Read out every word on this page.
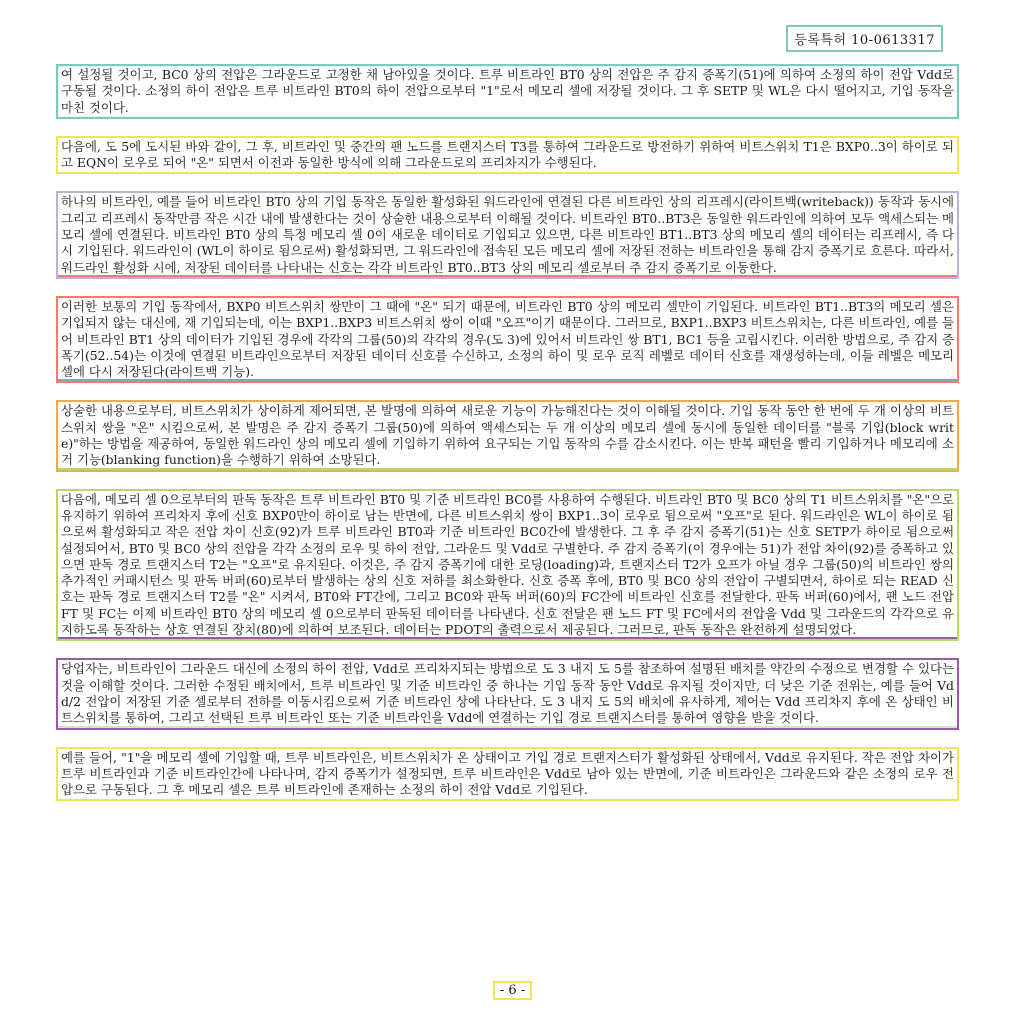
등록특허 10-0613317

여 설정될 것이고, BC0 상의 전압은 그라운드로 고정한 채 남아있을 것이다. 트루 비트라인 BT0 상의 전압은 주 감지 증폭기(51)에 의하여 소정의 하이 전압 Vdd로 구동될 것이다. 소정의 하이 전압은 트루 비트라인 BT0의 하이 전압으로부터 "1"로서 메모리 셀에 저장될 것이다. 그 후 SETP 및 WL은 다시 떨어지고, 기입 동작을 마친 것이다.

다음에, 도 5에 도시된 바와 같이, 그 후, 비트라인 및 중간의 팬 노드를 트랜지스터 T3를 통하여 그라운드로 방전하기 위하여 비트스위치 T1은 BXP0..3이 하이로 되고 EQN이 로우로 되어 "온" 되면서 이전과 동일한 방식에 의해 그라운드로의 프리차지가 수행된다.

하나의 비트라인, 예를 들어 비트라인 BT0 상의 기입 동작은 동일한 활성화된 워드라인에 연결된 다른 비트라인 상의 리프레시(라이트백(writeback)) 동작과 동시에 그리고 리프레시 동작만큼 작은 시간 내에 발생한다는 것이 상술한 내용으로부터 이해될 것이다. 비트라인 BT0..BT3은 동일한 워드라인에 의하여 모두 액세스되는 메모리 셀에 연결된다. 비트라인 BT0 상의 특정 메모리 셀 0이 새로운 데이터로 기입되고 있으면, 다른 비트라인 BT1..BT3 상의 메모리 셀의 데이터는 리프레시, 즉 다시 기입된다. 워드라인이 (WL이 하이로 됨으로써) 활성화되면, 그 워드라인에 접속된 모든 메모리 셀에 저장된 전하는 비트라인을 통해 감지 증폭기로 흐른다. 따라서, 워드라인 활성화 시에, 저장된 데이터를 나타내는 신호는 각각 비트라인 BT0..BT3 상의 메모리 셀로부터 주 감지 증폭기로 이동한다.

이러한 보통의 기입 동작에서, BXP0 비트스위치 쌍만이 그 때에 "온" 되기 때문에, 비트라인 BT0 상의 메모리 셀만이 기입된다. 비트라인 BT1..BT3의 메모리 셀은 기입되지 않는 대신에, 재 기입되는데, 이는 BXP1..BXP3 비트스위치 쌍이 이때 "오프"이기 때문이다. 그러므로, BXP1..BXP3 비트스위치는, 다른 비트라인, 예를 들어 비트라인 BT1 상의 데이터가 기입된 경우에 각각의 그룹(50)의 각각의 경우(도 3)에 있어서 비트라인 쌍 BT1, BC1 등을 고립시킨다. 이러한 방법으로, 주 감지 증폭기(52..54)는 이것에 연결된 비트라인으로부터 저장된 데이터 신호를 수신하고, 소정의 하이 및 로우 로직 레벨로 데이터 신호를 재생성하는데, 이들 레벨은 메모리 셀에 다시 저장된다(라이트백 기능).

상술한 내용으로부터, 비트스위치가 상이하게 제어되면, 본 발명에 의하여 새로운 기능이 가능해진다는 것이 이해될 것이다. 기입 동작 동안 한 번에 두 개 이상의 비트스위치 쌍을 "온" 시킴으로써, 본 발명은 주 감지 증폭기 그룹(50)에 의하여 액세스되는 두 개 이상의 메모리 셀에 동시에 동일한 데이터를 "블록 기입(block write)"하는 방법을 제공하여, 동일한 워드라인 상의 메모리 셀에 기입하기 위하여 요구되는 기입 동작의 수를 감소시킨다. 이는 반복 패턴을 빨리 기입하거나 메모리에 소거 기능(blanking function)을 수행하기 위하여 소망된다.

다음에, 메모리 셀 0으로부터의 판독 동작은 트루 비트라인 BT0 및 기준 비트라인 BC0를 사용하여 수행된다. 비트라인 BT0 및 BC0 상의 T1 비트스위치를 "온"으로 유지하기 위하여 프리차지 후에 신호 BXP0만이 하이로 남는 반면에, 다른 비트스위치 쌍이 BXP1..3이 로우로 됨으로써 "오프"로 된다. 워드라인은 WL이 하이로 됨으로써 활성화되고 작은 전압 차이 신호(92)가 트루 비트라인 BT0과 기준 비트라인 BC0간에 발생한다. 그 후 주 감지 증폭기(51)는 신호 SETP가 하이로 됨으로써 설정되어서, BT0 및 BC0 상의 전압을 각각 소정의 로우 및 하이 전압, 그라운드 및 Vdd로 구별한다. 주 감지 증폭기(이 경우에는 51)가 전압 차이(92)를 증폭하고 있으면 판독 경로 트랜지스터 T2는 "오프"로 유지된다. 이것은, 주 감지 증폭기에 대한 로딩(loading)과, 트랜지스터 T2가 오프가 아닐 경우 그룹(50)의 비트라인 쌍의 추가적인 커패시턴스 및 판독 버퍼(60)로부터 발생하는 상의 신호 저하를 최소화한다. 신호 증폭 후에, BT0 및 BC0 상의 전압이 구별되면서, 하이로 되는 READ 신호는 판독 경로 트랜지스터 T2를 "온" 시켜서, BT0와 FT간에, 그리고 BC0와 판독 버퍼(60)의 FC간에 비트라인 신호를 전달한다. 판독 버퍼(60)에서, 팬 노드 전압 FT 및 FC는 이제 비트라인 BT0 상의 메모리 셀 0으로부터 판독된 데이터를 나타낸다. 신호 전달은 팬 노드 FT 및 FC에서의 전압을 Vdd 및 그라운드의 각각으로 유지하도록 동작하는 상호 연결된 장치(80)에 의하여 보조된다. 데이터는 PDOT의 출력으로서 제공된다. 그러므로, 판독 동작은 완전하게 설명되었다.

당업자는, 비트라인이 그라운드 대신에 소정의 하이 전압, Vdd로 프리차지되는 방법으로 도 3 내지 도 5를 참조하여 설명된 배치를 약간의 수정으로 변경할 수 있다는 것을 이해할 것이다. 그러한 수정된 배치에서, 트루 비트라인 및 기준 비트라인 중 하나는 기입 동작 동안 Vdd로 유지될 것이지만, 더 낮은 기준 전위는, 예를 들어 Vdd/2 전압이 저장된 기준 셀로부터 전하를 이동시킴으로써 기준 비트라인 상에 나타난다. 도 3 내지 도 5의 배치에 유사하게, 제어는 Vdd 프리차지 후에 온 상태인 비트스위치를 통하여, 그리고 선택된 트루 비트라인 또는 기준 비트라인을 Vdd에 연결하는 기입 경로 트랜지스터를 통하여 영향을 받을 것이다.

예를 들어, "1"을 메모리 셀에 기입할 때, 트루 비트라인은, 비트스위치가 온 상태이고 기입 경로 트랜지스터가 활성화된 상태에서, Vdd로 유지된다. 작은 전압 차이가 트루 비트라인과 기준 비트라인간에 나타나며, 감지 증폭기가 설정되면, 트루 비트라인은 Vdd로 남아 있는 반면에, 기준 비트라인은 그라운드와 같은 소정의 로우 전압으로 구동된다. 그 후 메모리 셀은 트루 비트라인에 존재하는 소정의 하이 전압 Vdd로 기입된다.

- 6 -
